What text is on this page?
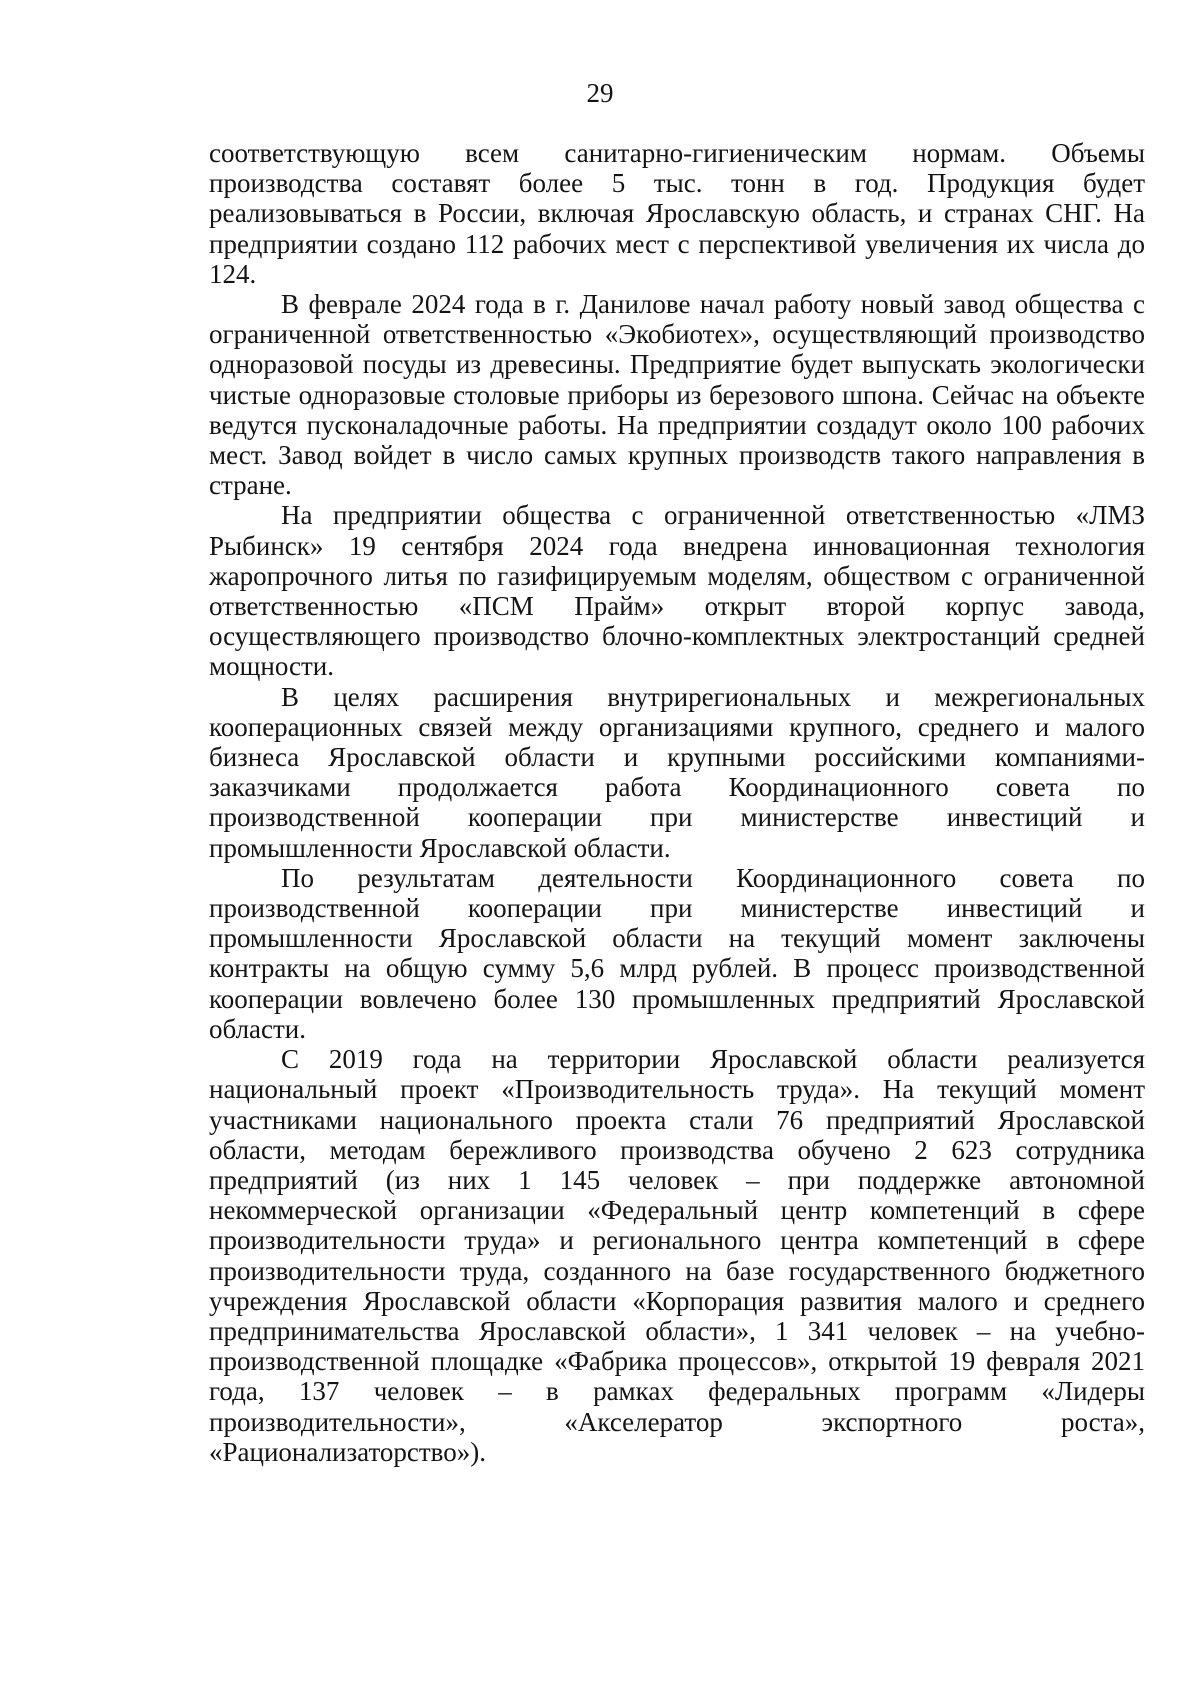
29

соответствующую всем санитарно-гигиеническим нормам. Объемы производства составят более 5 тыс. тонн в год. Продукция будет реализовываться в России, включая Ярославскую область, и странах СНГ. На предприятии создано 112 рабочих мест с перспективой увеличения их числа до 124.

В феврале 2024 года в г. Данилове начал работу новый завод общества с ограниченной ответственностью «Экобиотех», осуществляющий производство одноразовой посуды из древесины. Предприятие будет выпускать экологически чистые одноразовые столовые приборы из березового шпона. Сейчас на объекте ведутся пусконаладочные работы. На предприятии создадут около 100 рабочих мест. Завод войдет в число самых крупных производств такого направления в стране.

На предприятии общества с ограниченной ответственностью «ЛМЗ Рыбинск» 19 сентября 2024 года внедрена инновационная технология жаропрочного литья по газифицируемым моделям, обществом с ограниченной ответственностью «ПСМ Прайм» открыт второй корпус завода, осуществляющего производство блочно-комплектных электростанций средней мощности.

В целях расширения внутрирегиональных и межрегиональных кооперационных связей между организациями крупного, среднего и малого бизнеса Ярославской области и крупными российскими компаниями-заказчиками продолжается работа Координационного совета по производственной кооперации при министерстве инвестиций и промышленности Ярославской области.

По результатам деятельности Координационного совета по производственной кооперации при министерстве инвестиций и промышленности Ярославской области на текущий момент заключены контракты на общую сумму 5,6 млрд рублей. В процесс производственной кооперации вовлечено более 130 промышленных предприятий Ярославской области.

С 2019 года на территории Ярославской области реализуется национальный проект «Производительность труда». На текущий момент участниками национального проекта стали 76 предприятий Ярославской области, методам бережливого производства обучено 2 623 сотрудника предприятий (из них 1 145 человек – при поддержке автономной некоммерческой организации «Федеральный центр компетенций в сфере производительности труда» и регионального центра компетенций в сфере производительности труда, созданного на базе государственного бюджетного учреждения Ярославской области «Корпорация развития малого и среднего предпринимательства Ярославской области», 1 341 человек – на учебно-производственной площадке «Фабрика процессов», открытой 19 февраля 2021 года, 137 человек – в рамках федеральных программ «Лидеры производительности», «Акселератор экспортного роста», «Рационализаторство»).
